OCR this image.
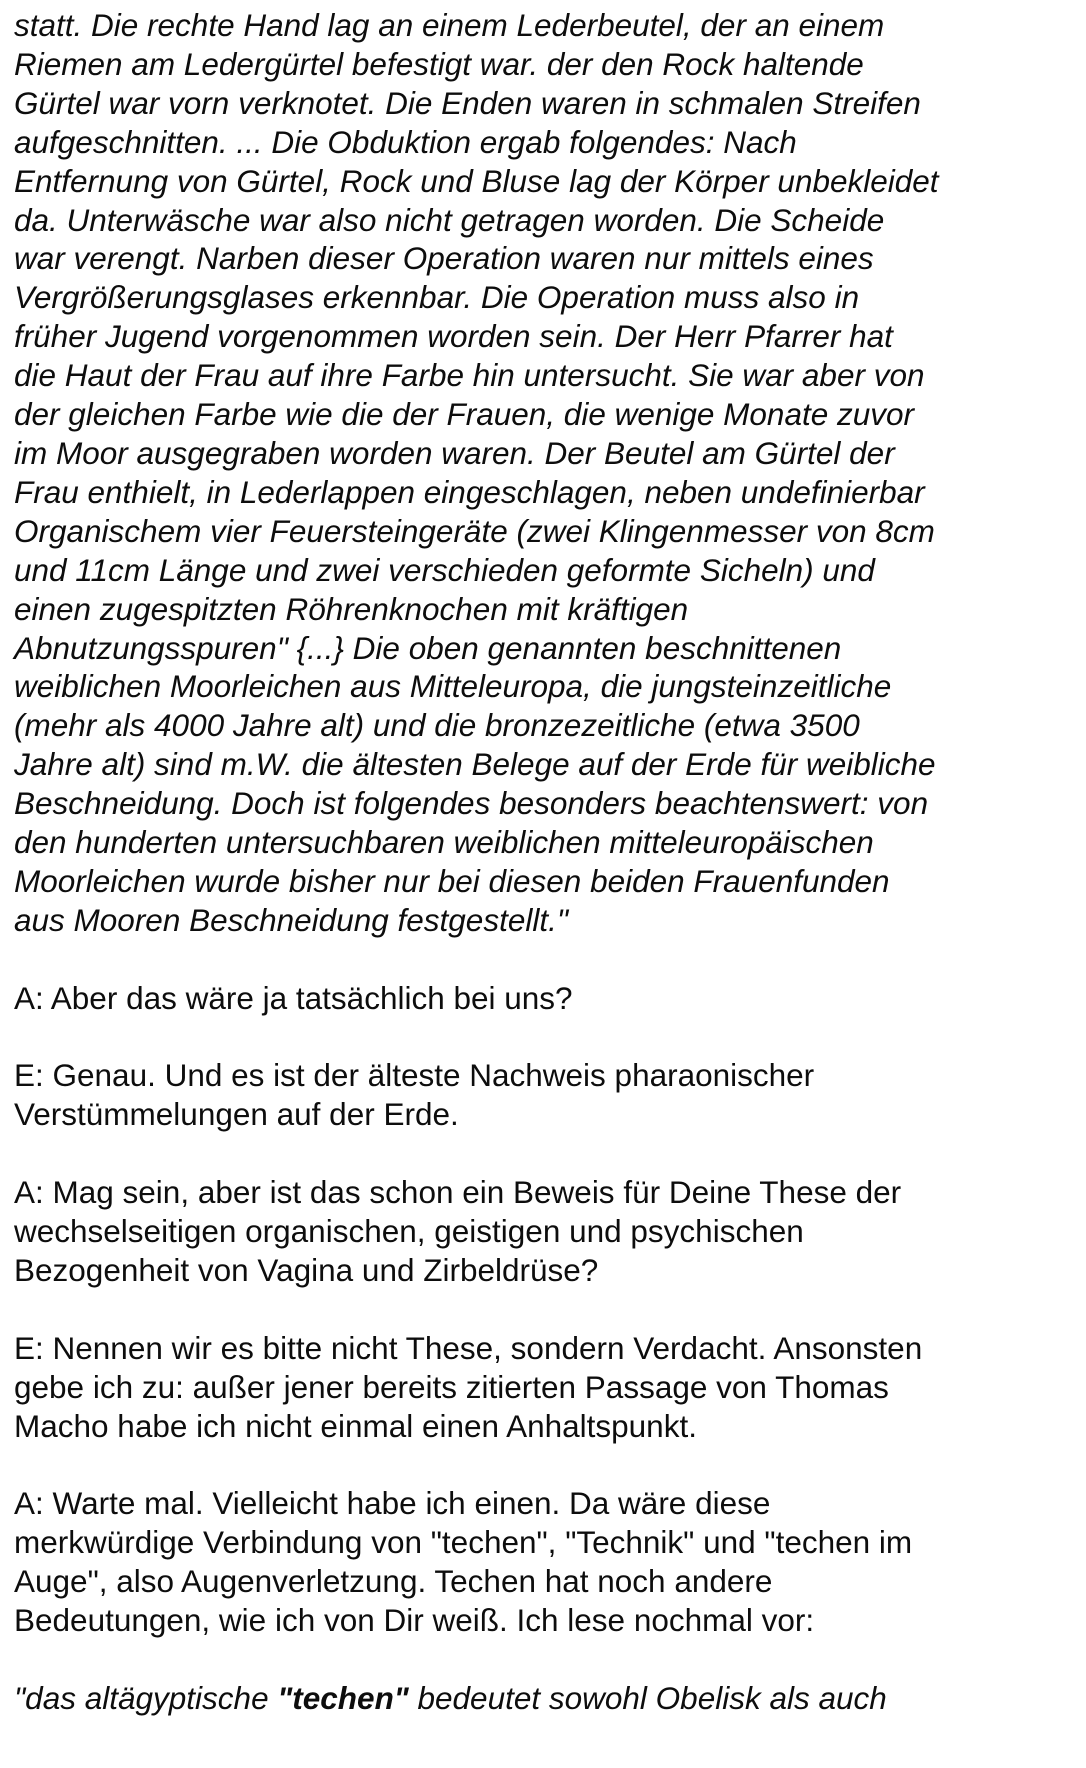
statt. Die rechte Hand lag an einem Lederbeutel, der an einem
Riemen am Ledergürtel befestigt war. der den Rock haltende
Gürtel war vorn verknotet. Die Enden waren in schmalen Streifen
aufgeschnitten. ... Die Obduktion ergab folgendes: Nach
Entfernung von Gürtel, Rock und Bluse lag der Körper unbekleidet
da. Unterwäsche war also nicht getragen worden. Die Scheide
war verengt. Narben dieser Operation waren nur mittels eines
Vergrößerungsglases erkennbar. Die Operation muss also in
früher Jugend vorgenommen worden sein. Der Herr Pfarrer hat
die Haut der Frau auf ihre Farbe hin untersucht. Sie war aber von
der gleichen Farbe wie die der Frauen, die wenige Monate zuvor
im Moor ausgegraben worden waren. Der Beutel am Gürtel der
Frau enthielt, in Lederlappen eingeschlagen, neben undefinierbar
Organischem vier Feuersteingeräte (zwei Klingenmesser von 8cm
und 11cm Länge und zwei verschieden geformte Sicheln) und
einen zugespitzten Röhrenknochen mit kräftigen
Abnutzungsspuren" {...} Die oben genannten beschnittenen
weiblichen Moorleichen aus Mitteleuropa, die jungsteinzeitliche
(mehr als 4000 Jahre alt) und die bronzezeitliche (etwa 3500
Jahre alt) sind m.W. die ältesten Belege auf der Erde für weibliche
Beschneidung. Doch ist folgendes besonders beachtenswert: von
den hunderten untersuchbaren weiblichen mitteleuropäischen
Moorleichen wurde bisher nur bei diesen beiden Frauenfunden
aus Mooren Beschneidung festgestellt."
A: Aber das wäre ja tatsächlich bei uns?
E: Genau. Und es ist der älteste Nachweis pharaonischer
Verstümmelungen auf der Erde.
A: Mag sein, aber ist das schon ein Beweis für Deine These der
wechselseitigen organischen, geistigen und psychischen
Bezogenheit von Vagina und Zirbeldrüse?
E: Nennen wir es bitte nicht These, sondern Verdacht. Ansonsten
gebe ich zu: außer jener bereits zitierten Passage von Thomas
Macho habe ich nicht einmal einen Anhaltspunkt.
A: Warte mal. Vielleicht habe ich einen. Da wäre diese
merkwürdige Verbindung von "techen", "Technik" und "techen im
Auge", also Augenverletzung. Techen hat noch andere
Bedeutungen, wie ich von Dir weiß. Ich lese nochmal vor:
"das altägyptische "techen" bedeutet sowohl Obelisk als auch
